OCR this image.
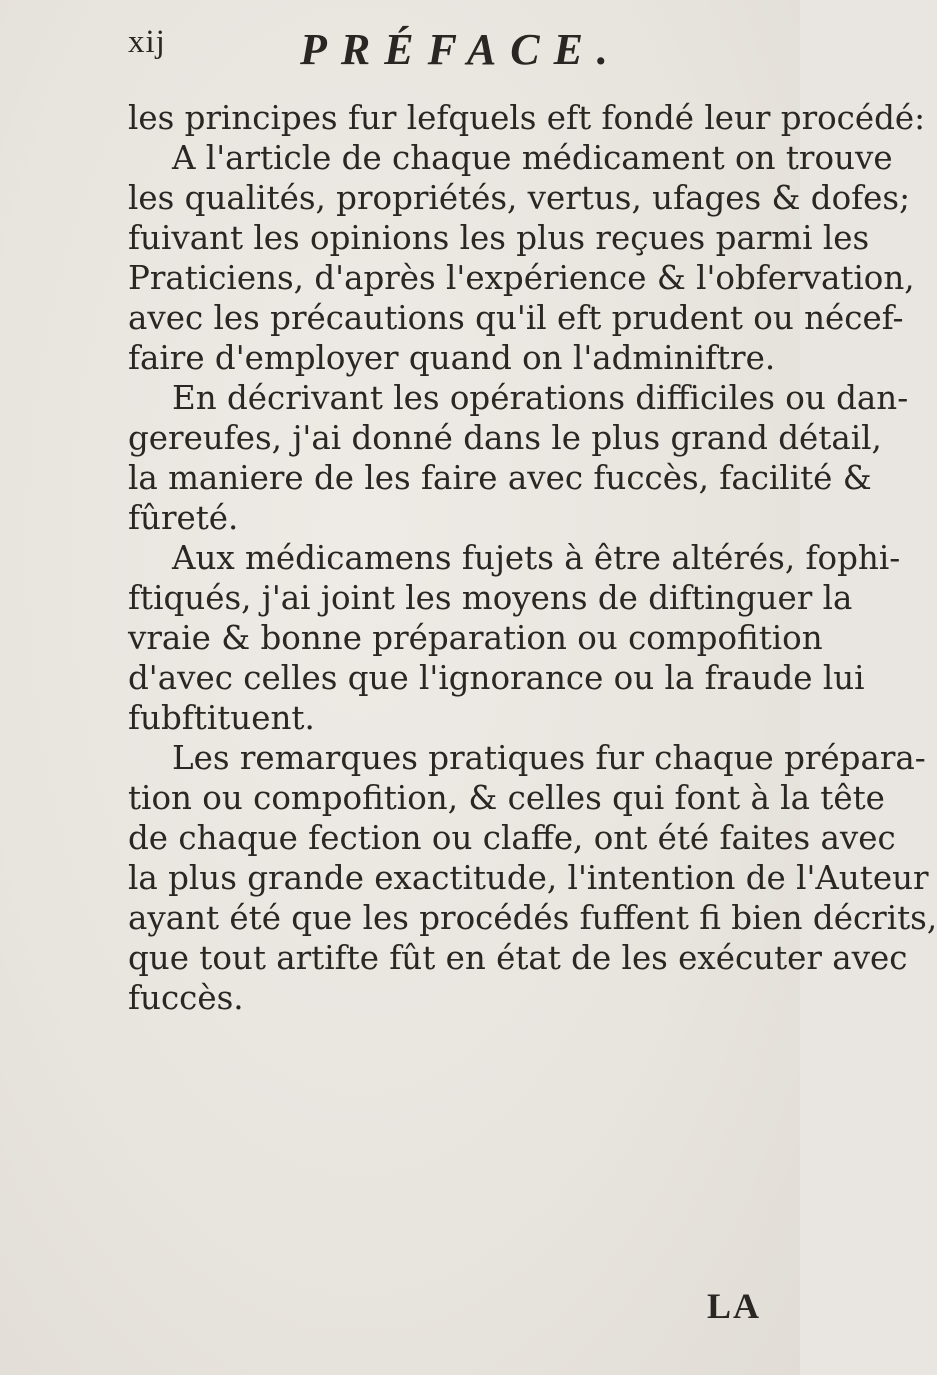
xij	PRÉFACE.
les principes fur lefquels eft fondé leur procédé:
A l'article de chaque médicament on trouve
les qualités, propriétés, vertus, ufages & dofes;
fuivant les opinions les plus reçues parmi les
Praticiens, d'après l'expérience & l'obfervation,
avec les précautions qu'il eft prudent ou nécef-
faire d'employer quand on l'adminiftre.
En décrivant les opérations difficiles ou dan-
gereufes, j'ai donné dans le plus grand détail,
la maniere de les faire avec fuccès, facilité &
fûreté.
Aux médicamens fujets à être altérés, fophi-
ftiqués, j'ai joint les moyens de diftinguer la
vraie & bonne préparation ou compofition
d'avec celles que l'ignorance ou la fraude lui
fubftituent.
Les remarques pratiques fur chaque prépara-
tion ou compofition, & celles qui font à la tête
de chaque fection ou claffe, ont été faites avec
la plus grande exactitude, l'intention de l'Auteur
ayant été que les procédés fuffent fi bien décrits,
que tout artifte fût en état de les exécuter avec
fuccès.
LA
